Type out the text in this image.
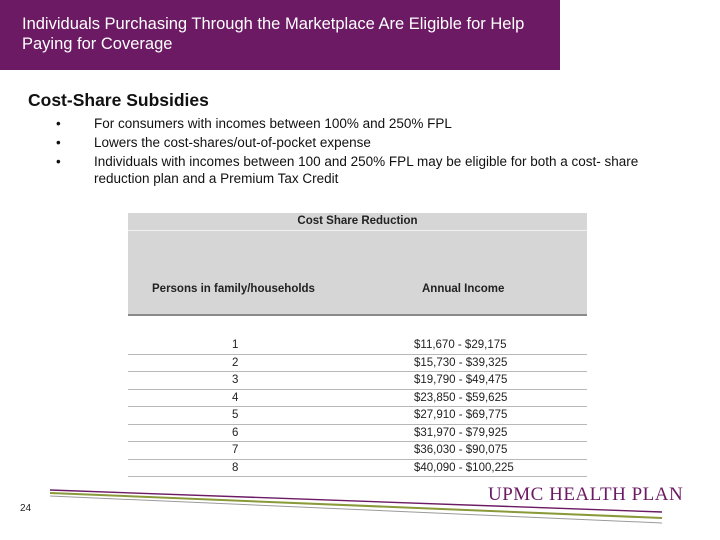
Individuals Purchasing Through the Marketplace Are Eligible for Help Paying for Coverage
Cost-Share Subsidies
• For consumers with incomes between 100% and 250% FPL
• Lowers the cost-shares/out-of-pocket expense
• Individuals with incomes between 100 and 250% FPL may be eligible for both a cost- share reduction plan and a Premium Tax Credit
Cost Share Reduction
Persons in family/households	Annual Income
1	$11,670 - $29,175
2	$15,730 - $39,325
3	$19,790 - $49,475
4	$23,850 - $59,625
5	$27,910 - $69,775
6	$31,970 - $79,925
7	$36,030 - $90,075
8	$40,090 - $100,225
24
UPMC HEALTH PLAN
